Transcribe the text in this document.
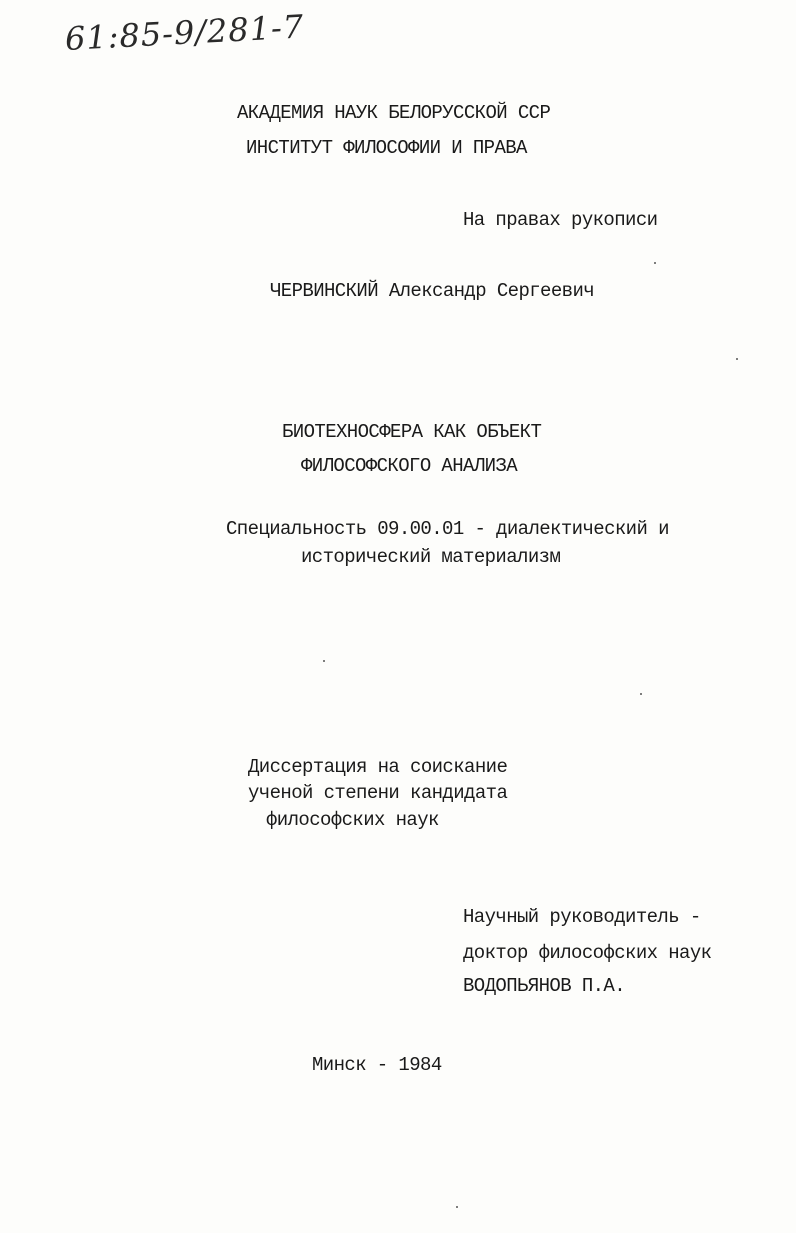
61:85-9/281-7
АКАДЕМИЯ НАУК БЕЛОРУССКОЙ ССР
ИНСТИТУТ ФИЛОСОФИИ И ПРАВА
На правах рукописи
ЧЕРВИНСКИЙ Александр Сергеевич
БИОТЕХНОСФЕРА КАК ОБЪЕКТ
ФИЛОСОФСКОГО АНАЛИЗА
Специальность 09.00.01 - диалектический и
исторический материализм
Диссертация на соискание
ученой степени кандидата
философских наук
Научный руководитель -
доктор философских наук
ВОДОПЬЯНОВ П.А.
Минск - 1984
